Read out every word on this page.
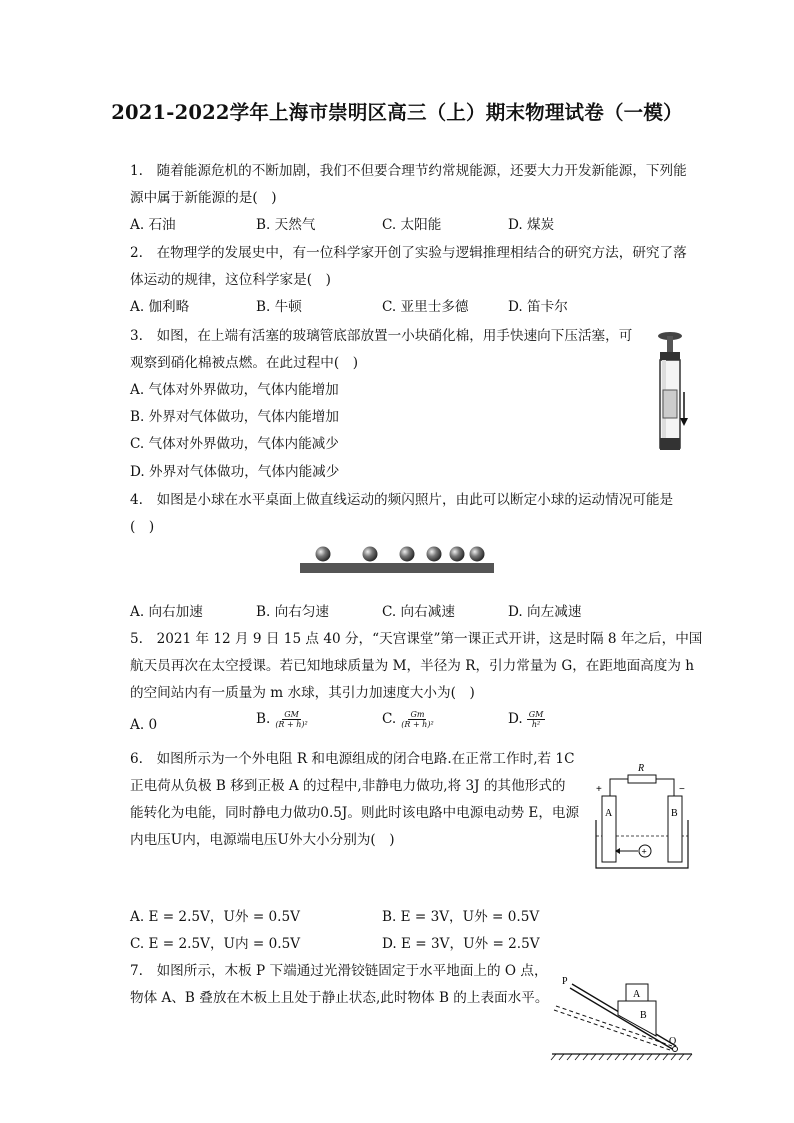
2021-2022学年上海市崇明区高三（上）期末物理试卷（一模）
1.　随着能源危机的不断加剧，我们不但要合理节约常规能源，还要大力开发新能源，下列能
源中属于新能源的是(　)
A. 石油	B. 天然气	C. 太阳能	D. 煤炭
2.　在物理学的发展史中，有一位科学家开创了实验与逻辑推理相结合的研究方法，研究了落
体运动的规律，这位科学家是(　)
A. 伽利略	B. 牛顿	C. 亚里士多德	D. 笛卡尔
3.　如图，在上端有活塞的玻璃管底部放置一小块硝化棉，用手快速向下压活塞，可
观察到硝化棉被点燃。在此过程中(　)
A. 气体对外界做功，气体内能增加
B. 外界对气体做功，气体内能增加
C. 气体对外界做功，气体内能减少
D. 外界对气体做功，气体内能减少
4.　如图是小球在水平桌面上做直线运动的频闪照片，由此可以断定小球的运动情况可能是
(　)
A. 向右加速	B. 向右匀速	C. 向右减速	D. 向左减速
5.　2021 年 12 月 9 日 15 点 40 分，“天宫课堂”第一课正式开讲，这是时隔 8 年之后，中国
航天员再次在太空授课。若已知地球质量为 M，半径为 R，引力常量为 G，在距地面高度为 h
的空间站内有一质量为 m 水球，其引力加速度大小为(　)
A. 0	B. $\frac{GM}{\text{(R + h)²}}$	C. $\frac{Gm}{\text{(R + h)²}}$	D. $\frac{GM}{\text{h²}}$
6.　如图所示为一个外电阻 R 和电源组成的闭合电路.在正常工作时,若 1C
正电荷从负极 B 移到正极 A 的过程中,非静电力做功,将 3J 的其他形式的
能转化为电能，同时静电力做功0.5J。则此时该电路中电源电动势 E，电源
内电压U内，电源端电压U外大小分别为(　)
R
+	−
A	B
+
A. E = 2.5V，U外 = 0.5V	B. E = 3V，U外 = 0.5V
C. E = 2.5V，U内 = 0.5V	D. E = 3V，U外 = 2.5V
7.　如图所示，木板 P 下端通过光滑铰链固定于水平地面上的 O 点，
物体 A、B 叠放在木板上且处于静止状态,此时物体 B 的上表面水平。
P
B
A
O
